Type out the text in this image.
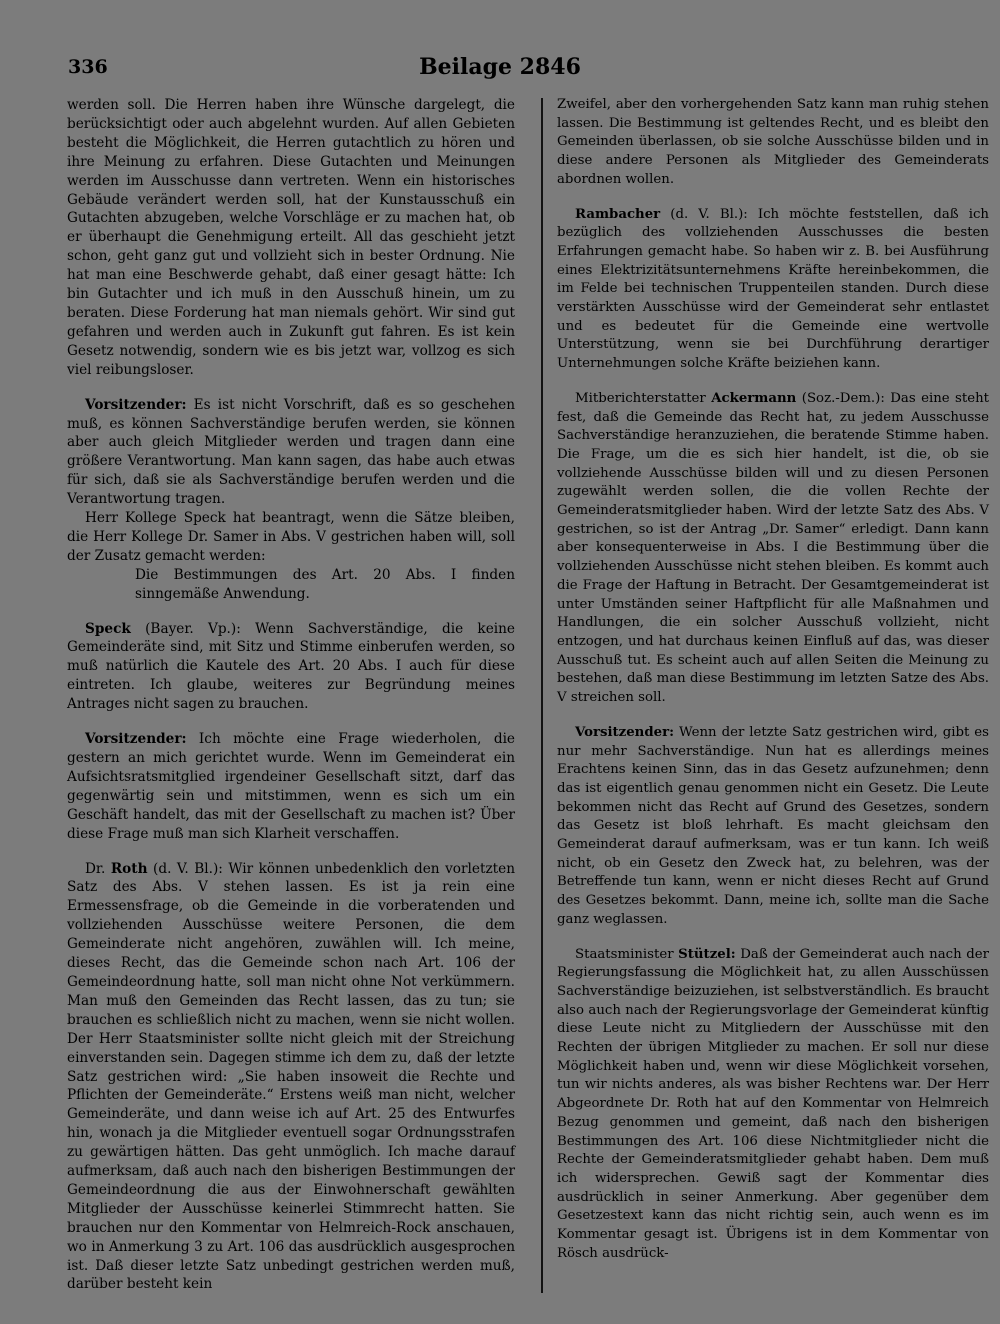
336	Beilage 2846

werden soll. Die Herren haben ihre Wünsche dargelegt, die berücksichtigt oder auch abgelehnt wurden. Auf allen Gebieten besteht die Möglichkeit, die Herren gutachtlich zu hören und ihre Meinung zu erfahren. Diese Gutachten und Meinungen werden im Ausschusse dann vertreten. Wenn ein historisches Gebäude verändert werden soll, hat der Kunstausschuß ein Gutachten abzugeben, welche Vorschläge er zu machen hat, ob er überhaupt die Genehmigung erteilt. All das geschieht jetzt schon, geht ganz gut und vollzieht sich in bester Ordnung. Nie hat man eine Beschwerde gehabt, daß einer gesagt hätte: Ich bin Gutachter und ich muß in den Ausschuß hinein, um zu beraten. Diese Forderung hat man niemals gehört. Wir sind gut gefahren und werden auch in Zukunft gut fahren. Es ist kein Gesetz notwendig, sondern wie es bis jetzt war, vollzog es sich viel reibungsloser.

Vorsitzender: Es ist nicht Vorschrift, daß es so geschehen muß, es können Sachverständige berufen werden, sie können aber auch gleich Mitglieder werden und tragen dann eine größere Verantwortung. Man kann sagen, das habe auch etwas für sich, daß sie als Sachverständige berufen werden und die Verantwortung tragen.

Herr Kollege Speck hat beantragt, wenn die Sätze bleiben, die Herr Kollege Dr. Samer in Abs. V gestrichen haben will, soll der Zusatz gemacht werden:

Die Bestimmungen des Art. 20 Abs. I finden sinngemäße Anwendung.

Speck (Bayer. Vp.): Wenn Sachverständige, die keine Gemeinderäte sind, mit Sitz und Stimme einberufen werden, so muß natürlich die Kautele des Art. 20 Abs. I auch für diese eintreten. Ich glaube, weiteres zur Begründung meines Antrages nicht sagen zu brauchen.

Vorsitzender: Ich möchte eine Frage wiederholen, die gestern an mich gerichtet wurde. Wenn im Gemeinderat ein Aufsichtsratsmitglied irgendeiner Gesellschaft sitzt, darf das gegenwärtig sein und mitstimmen, wenn es sich um ein Geschäft handelt, das mit der Gesellschaft zu machen ist? Über diese Frage muß man sich Klarheit verschaffen.

Dr. Roth (d. V. Bl.): Wir können unbedenklich den vorletzten Satz des Abs. V stehen lassen. Es ist ja rein eine Ermessensfrage, ob die Gemeinde in die vorberatenden und vollziehenden Ausschüsse weitere Personen, die dem Gemeinderate nicht angehören, zuwählen will. Ich meine, dieses Recht, das die Gemeinde schon nach Art. 106 der Gemeindeordnung hatte, soll man nicht ohne Not verkümmern. Man muß den Gemeinden das Recht lassen, das zu tun; sie brauchen es schließlich nicht zu machen, wenn sie nicht wollen. Der Herr Staatsminister sollte nicht gleich mit der Streichung einverstanden sein. Dagegen stimme ich dem zu, daß der letzte Satz gestrichen wird: „Sie haben insoweit die Rechte und Pflichten der Gemeinderäte.“ Erstens weiß man nicht, welcher Gemeinderäte, und dann weise ich auf Art. 25 des Entwurfes hin, wonach ja die Mitglieder eventuell sogar Ordnungsstrafen zu gewärtigen hätten. Das geht unmöglich. Ich mache darauf aufmerksam, daß auch nach den bisherigen Bestimmungen der Gemeindeordnung die aus der Einwohnerschaft gewählten Mitglieder der Ausschüsse keinerlei Stimmrecht hatten. Sie brauchen nur den Kommentar von Helmreich-Rock anschauen, wo in Anmerkung 3 zu Art. 106 das ausdrücklich ausgesprochen ist. Daß dieser letzte Satz unbedingt gestrichen werden muß, darüber besteht kein

Zweifel, aber den vorhergehenden Satz kann man ruhig stehen lassen. Die Bestimmung ist geltendes Recht, und es bleibt den Gemeinden überlassen, ob sie solche Ausschüsse bilden und in diese andere Personen als Mitglieder des Gemeinderats abordnen wollen.

Rambacher (d. V. Bl.): Ich möchte feststellen, daß ich bezüglich des vollziehenden Ausschusses die besten Erfahrungen gemacht habe. So haben wir z. B. bei Ausführung eines Elektrizitätsunternehmens Kräfte hereinbekommen, die im Felde bei technischen Truppenteilen standen. Durch diese verstärkten Ausschüsse wird der Gemeinderat sehr entlastet und es bedeutet für die Gemeinde eine wertvolle Unterstützung, wenn sie bei Durchführung derartiger Unternehmungen solche Kräfte beiziehen kann.

Mitberichterstatter Ackermann (Soz.-Dem.): Das eine steht fest, daß die Gemeinde das Recht hat, zu jedem Ausschusse Sachverständige heranzuziehen, die beratende Stimme haben. Die Frage, um die es sich hier handelt, ist die, ob sie vollziehende Ausschüsse bilden will und zu diesen Personen zugewählt werden sollen, die die vollen Rechte der Gemeinderatsmitglieder haben. Wird der letzte Satz des Abs. V gestrichen, so ist der Antrag „Dr. Samer“ erledigt. Dann kann aber konsequenterweise in Abs. I die Bestimmung über die vollziehenden Ausschüsse nicht stehen bleiben. Es kommt auch die Frage der Haftung in Betracht. Der Gesamtgemeinderat ist unter Umständen seiner Haftpflicht für alle Maßnahmen und Handlungen, die ein solcher Ausschuß vollzieht, nicht entzogen, und hat durchaus keinen Einfluß auf das, was dieser Ausschuß tut. Es scheint auch auf allen Seiten die Meinung zu bestehen, daß man diese Bestimmung im letzten Satze des Abs. V streichen soll.

Vorsitzender: Wenn der letzte Satz gestrichen wird, gibt es nur mehr Sachverständige. Nun hat es allerdings meines Erachtens keinen Sinn, das in das Gesetz aufzunehmen; denn das ist eigentlich genau genommen nicht ein Gesetz. Die Leute bekommen nicht das Recht auf Grund des Gesetzes, sondern das Gesetz ist bloß lehrhaft. Es macht gleichsam den Gemeinderat darauf aufmerksam, was er tun kann. Ich weiß nicht, ob ein Gesetz den Zweck hat, zu belehren, was der Betreffende tun kann, wenn er nicht dieses Recht auf Grund des Gesetzes bekommt. Dann, meine ich, sollte man die Sache ganz weglassen.

Staatsminister Stützel: Daß der Gemeinderat auch nach der Regierungsfassung die Möglichkeit hat, zu allen Ausschüssen Sachverständige beizuziehen, ist selbstverständlich. Es braucht also auch nach der Regierungsvorlage der Gemeinderat künftig diese Leute nicht zu Mitgliedern der Ausschüsse mit den Rechten der übrigen Mitglieder zu machen. Er soll nur diese Möglichkeit haben und, wenn wir diese Möglichkeit vorsehen, tun wir nichts anderes, als was bisher Rechtens war. Der Herr Abgeordnete Dr. Roth hat auf den Kommentar von Helmreich Bezug genommen und gemeint, daß nach den bisherigen Bestimmungen des Art. 106 diese Nichtmitglieder nicht die Rechte der Gemeinderatsmitglieder gehabt haben. Dem muß ich widersprechen. Gewiß sagt der Kommentar dies ausdrücklich in seiner Anmerkung. Aber gegenüber dem Gesetzestext kann das nicht richtig sein, auch wenn es im Kommentar gesagt ist. Übrigens ist in dem Kommentar von Rösch ausdrück-
